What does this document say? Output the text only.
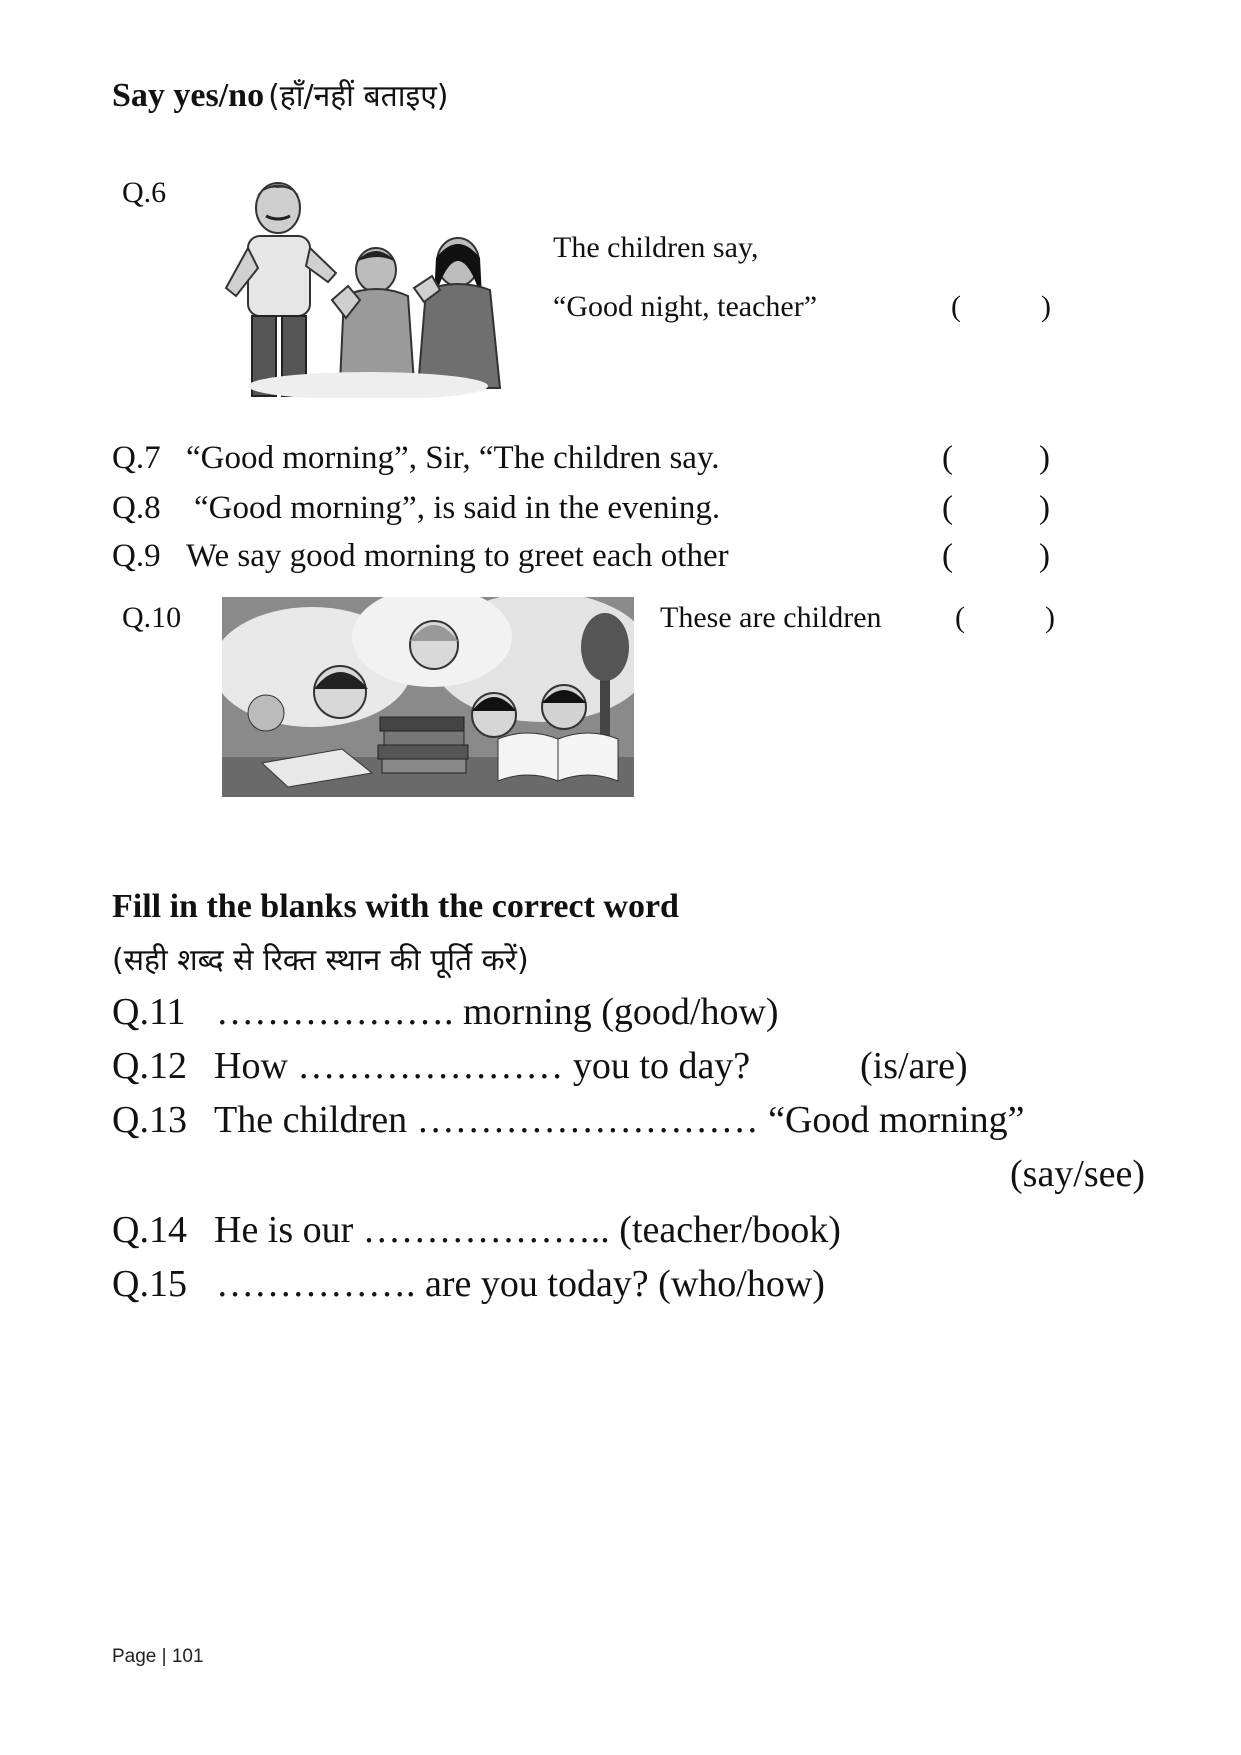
Say yes/no (हाँ/नहीं बताइए)
Q.6
The children say,
“Good night, teacher”	(	)
Q.7 “Good morning”, Sir, “The children say.	(	)
Q.8 “Good morning”, is said in the evening.	(	)
Q.9 We say good morning to greet each other	(	)
Q.10	These are children (	)
Fill in the blanks with the correct word
(सही शब्द से रिक्त स्थान की पूर्ति करें)
Q.11 ………………. morning (good/how)
Q.12 How ………………… you to day?	(is/are)
Q.13 The children ……………………… “Good morning”
(say/see)
Q.14 He is our ……………….. (teacher/book)
Q.15 ……………. are you today? (who/how)
Page | 101
